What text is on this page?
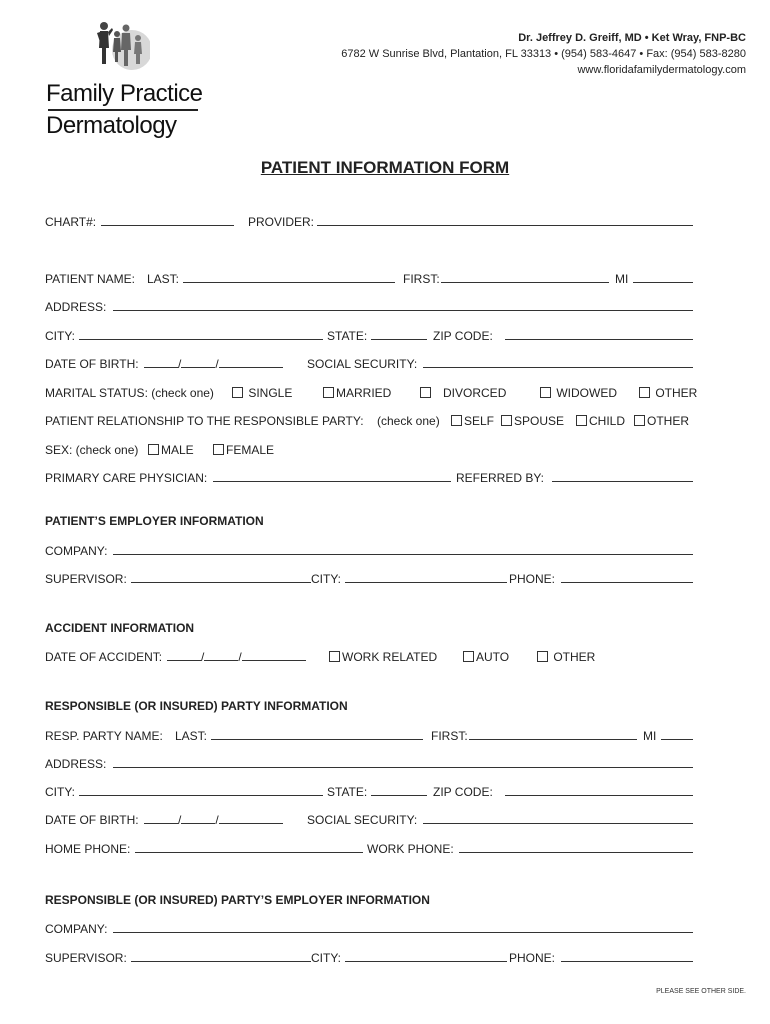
Family Practice
Dermatology
Dr. Jeffrey D. Greiff, MD • Ket Wray, FNP-BC
6782 W Sunrise Blvd, Plantation, FL 33313 • (954) 583-4647 • Fax: (954) 583-8280
www.floridafamilydermatology.com
PATIENT INFORMATION FORM
CHART#:	PROVIDER:
PATIENT NAME: LAST:	FIRST:	MI
ADDRESS:
CITY:	STATE:	ZIP CODE:
DATE OF BIRTH:	/	/	SOCIAL SECURITY:
MARITAL STATUS: (check one)	SINGLE	MARRIED	DIVORCED	WIDOWED	OTHER
PATIENT RELATIONSHIP TO THE RESPONSIBLE PARTY: (check one)	SELF	SPOUSE	CHILD	OTHER
SEX: (check one)	MALE	FEMALE
PRIMARY CARE PHYSICIAN:	REFERRED BY:
PATIENT’S EMPLOYER INFORMATION
COMPANY:
SUPERVISOR:	CITY:	PHONE:
ACCIDENT INFORMATION
DATE OF ACCIDENT:	/	/	WORK RELATED	AUTO	OTHER
RESPONSIBLE (OR INSURED) PARTY INFORMATION
RESP. PARTY NAME: LAST:	FIRST:	MI
ADDRESS:
CITY:	STATE:	ZIP CODE:
DATE OF BIRTH:	/	/	SOCIAL SECURITY:
HOME PHONE:	WORK PHONE:
RESPONSIBLE (OR INSURED) PARTY’S EMPLOYER INFORMATION
COMPANY:
SUPERVISOR:	CITY:	PHONE:
PLEASE SEE OTHER SIDE.
